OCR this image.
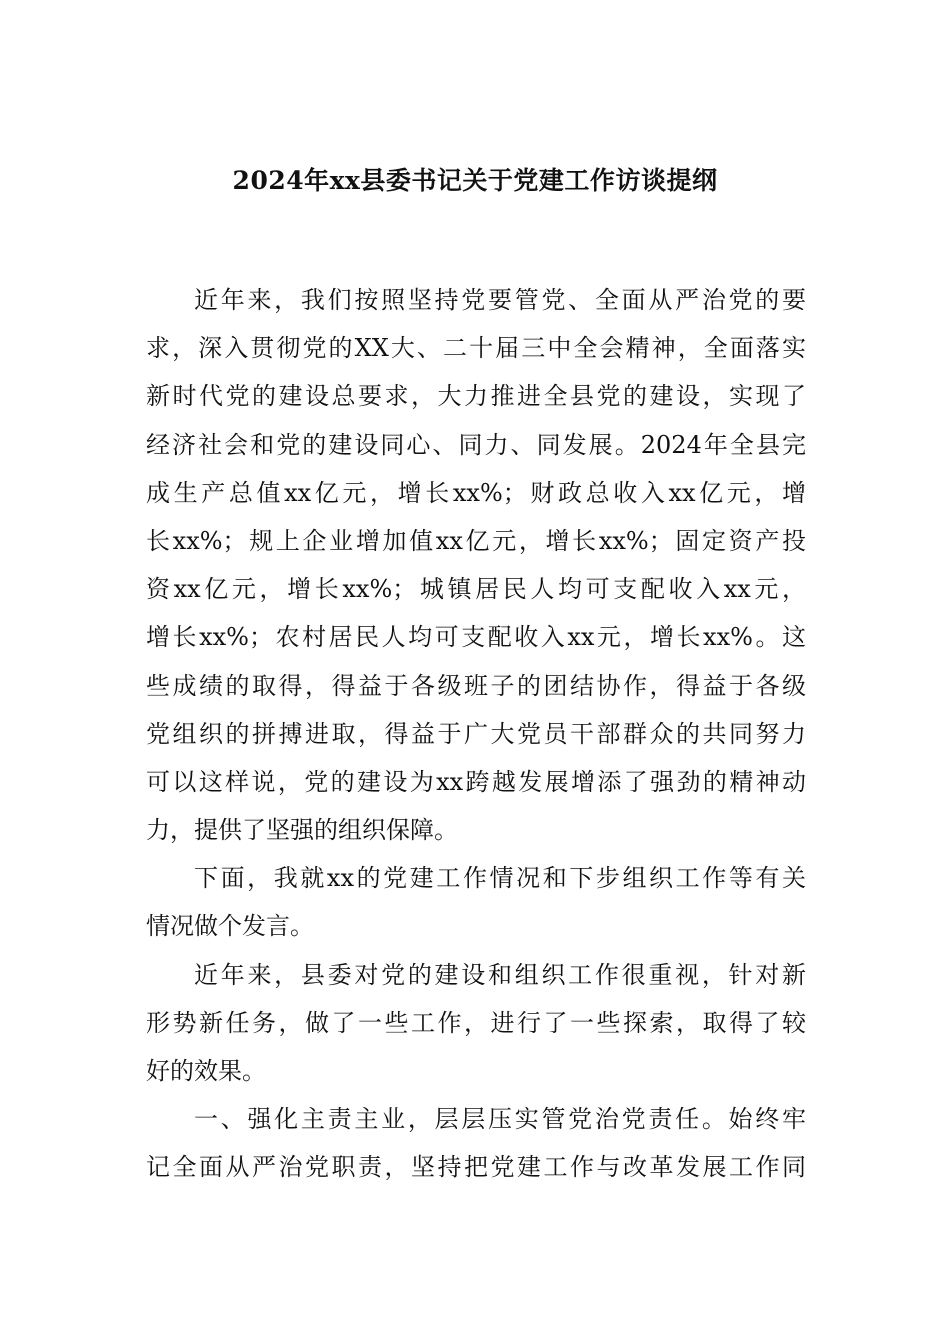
2024年xx县委书记关于党建工作访谈提纲
近年来，我们按照坚持党要管党、全面从严治党的要
求，深入贯彻党的XX大、二十届三中全会精神，全面落实
新时代党的建设总要求，大力推进全县党的建设，实现了
经济社会和党的建设同心、同力、同发展。2024年全县完
成生产总值xx亿元，增长xx%；财政总收入xx亿元，增
长xx%；规上企业增加值xx亿元，增长xx%；固定资产投
资xx亿元，增长xx%；城镇居民人均可支配收入xx元，
增长xx%；农村居民人均可支配收入xx元，增长xx%。这
些成绩的取得，得益于各级班子的团结协作，得益于各级
党组织的拼搏进取，得益于广大党员干部群众的共同努力
可以这样说，党的建设为xx跨越发展增添了强劲的精神动
力，提供了坚强的组织保障。
下面，我就xx的党建工作情况和下步组织工作等有关
情况做个发言。
近年来，县委对党的建设和组织工作很重视，针对新
形势新任务，做了一些工作，进行了一些探索，取得了较
好的效果。
一、强化主责主业，层层压实管党治党责任。始终牢
记全面从严治党职责，坚持把党建工作与改革发展工作同
